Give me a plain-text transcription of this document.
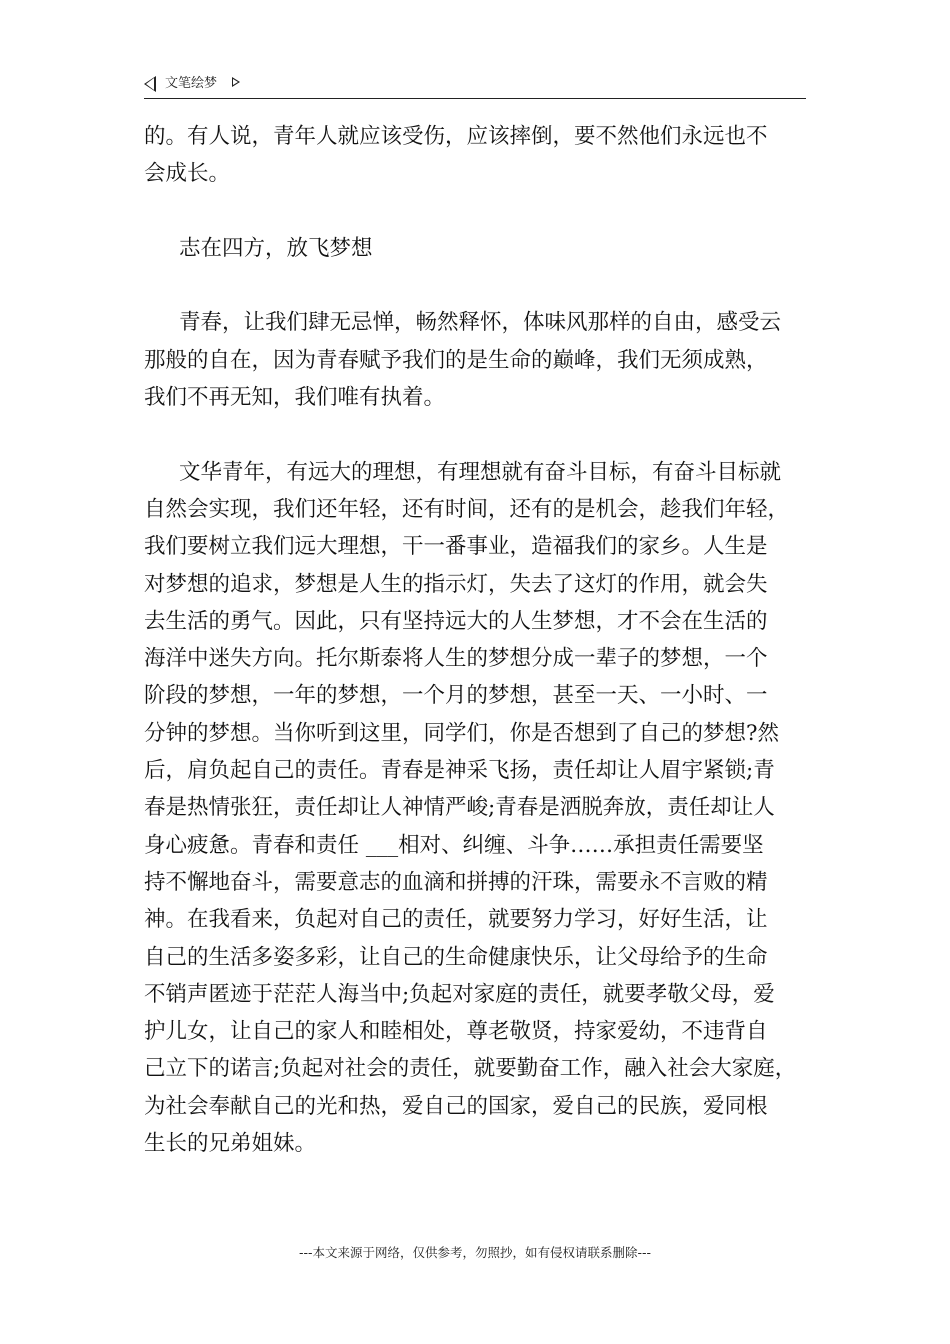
文笔绘梦
的。有人说，青年人就应该受伤，应该摔倒，要不然他们永远也不
会成长。
志在四方，放飞梦想
青春，让我们肆无忌惮，畅然释怀，体味风那样的自由，感受云
那般的自在，因为青春赋予我们的是生命的巅峰，我们无须成熟，
我们不再无知，我们唯有执着。
文华青年，有远大的理想，有理想就有奋斗目标，有奋斗目标就
自然会实现，我们还年轻，还有时间，还有的是机会，趁我们年轻，
我们要树立我们远大理想，干一番事业，造福我们的家乡。人生是
对梦想的追求，梦想是人生的指示灯，失去了这灯的作用，就会失
去生活的勇气。因此，只有坚持远大的人生梦想，才不会在生活的
海洋中迷失方向。托尔斯泰将人生的梦想分成一辈子的梦想，一个
阶段的梦想，一年的梦想，一个月的梦想，甚至一天、一小时、一
分钟的梦想。当你听到这里，同学们，你是否想到了自己的梦想?然
后，肩负起自己的责任。青春是神采飞扬，责任却让人眉宇紧锁;青
春是热情张狂，责任却让人神情严峻;青春是洒脱奔放，责任却让人
身心疲惫。青春和责任 ___相对、纠缠、斗争……承担责任需要坚
持不懈地奋斗，需要意志的血滴和拼搏的汗珠，需要永不言败的精
神。在我看来，负起对自己的责任，就要努力学习，好好生活，让
自己的生活多姿多彩，让自己的生命健康快乐，让父母给予的生命
不销声匿迹于茫茫人海当中;负起对家庭的责任，就要孝敬父母，爱
护儿女，让自己的家人和睦相处，尊老敬贤，持家爱幼，不违背自
己立下的诺言;负起对社会的责任，就要勤奋工作，融入社会大家庭，
为社会奉献自己的光和热，爱自己的国家，爱自己的民族，爱同根
生长的兄弟姐妹。
---本文来源于网络，仅供参考，勿照抄，如有侵权请联系删除---
